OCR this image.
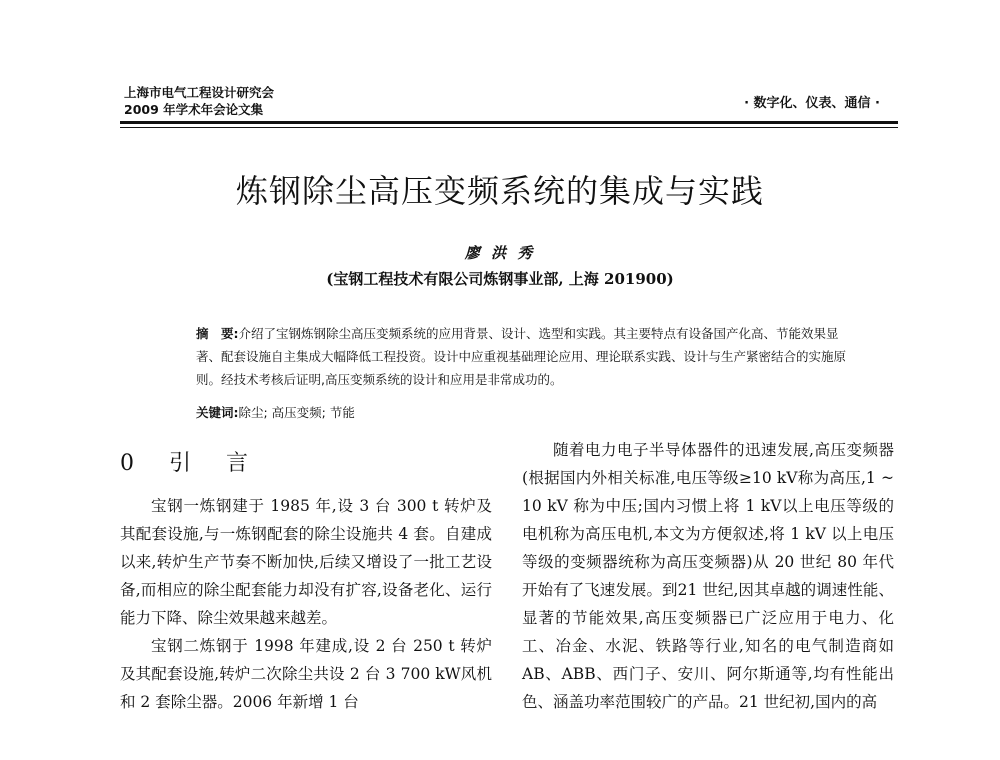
上海市电气工程设计研究会
2009 年学术年会论文集	· 数字化、仪表、通信 ·
炼钢除尘高压变频系统的集成与实践
廖 洪 秀
(宝钢工程技术有限公司炼钢事业部, 上海 201900)
摘　要:介绍了宝钢炼钢除尘高压变频系统的应用背景、设计、选型和实践。其主要特点有设备国产化高、节能效果显著、配套设施自主集成大幅降低工程投资。设计中应重视基础理论应用、理论联系实践、设计与生产紧密结合的实施原则。经技术考核后证明,高压变频系统的设计和应用是非常成功的。
关键词:除尘; 高压变频; 节能
0 引 言

宝钢一炼钢建于 1985 年,设 3 台 300 t 转炉及其配套设施,与一炼钢配套的除尘设施共 4 套。自建成以来,转炉生产节奏不断加快,后续又增设了一批工艺设备,而相应的除尘配套能力却没有扩容,设备老化、运行能力下降、除尘效果越来越差。

宝钢二炼钢于 1998 年建成,设 2 台 250 t 转炉及其配套设施,转炉二次除尘共设 2 台 3 700 kW风机和 2 套除尘器。2006 年新增 1 台

随着电力电子半导体器件的迅速发展,高压变频器(根据国内外相关标准,电压等级≥10 kV称为高压,1 ~ 10 kV 称为中压;国内习惯上将 1 kV以上电压等级的电机称为高压电机,本文为方便叙述,将 1 kV 以上电压等级的变频器统称为高压变频器)从 20 世纪 80 年代开始有了飞速发展。到21 世纪,因其卓越的调速性能、显著的节能效果,高压变频器已广泛应用于电力、化工、冶金、水泥、铁路等行业,知名的电气制造商如 AB、ABB、西门子、安川、阿尔斯通等,均有性能出色、涵盖功率范围较广的产品。21 世纪初,国内的高
